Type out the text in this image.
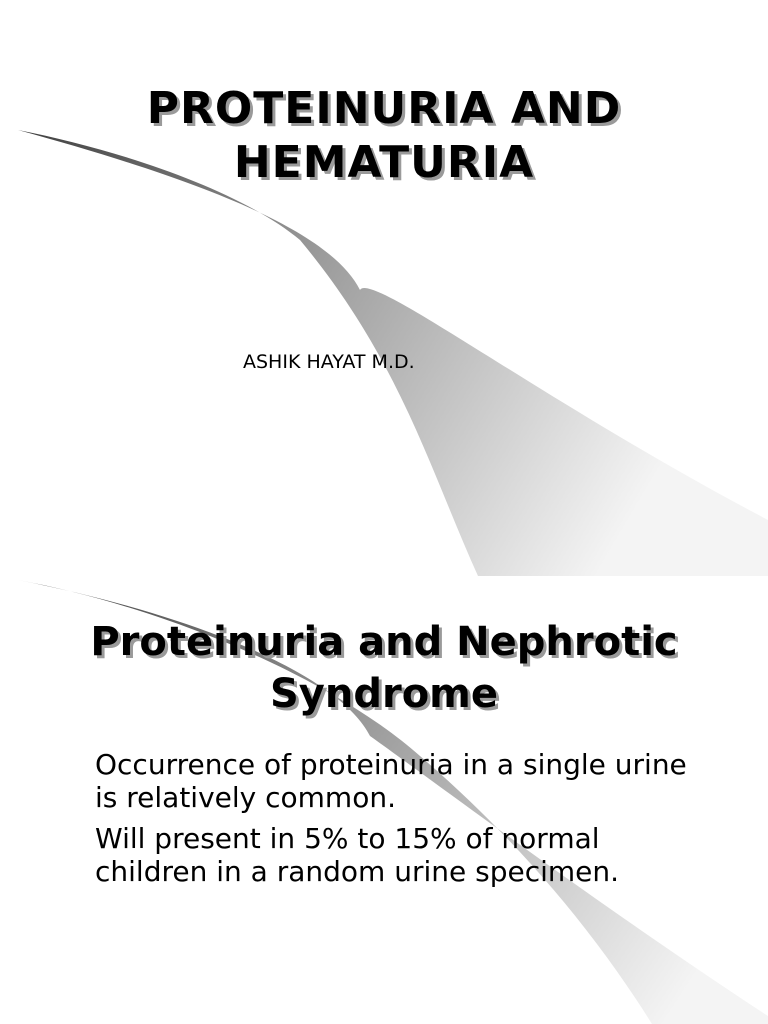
PROTEINURIA AND
HEMATURIA

ASHIK HAYAT M.D.

Proteinuria and Nephrotic
Syndrome
Occurrence of proteinuria in a single urine is relatively common.
Will present in 5% to 15% of normal children in a random urine specimen.
